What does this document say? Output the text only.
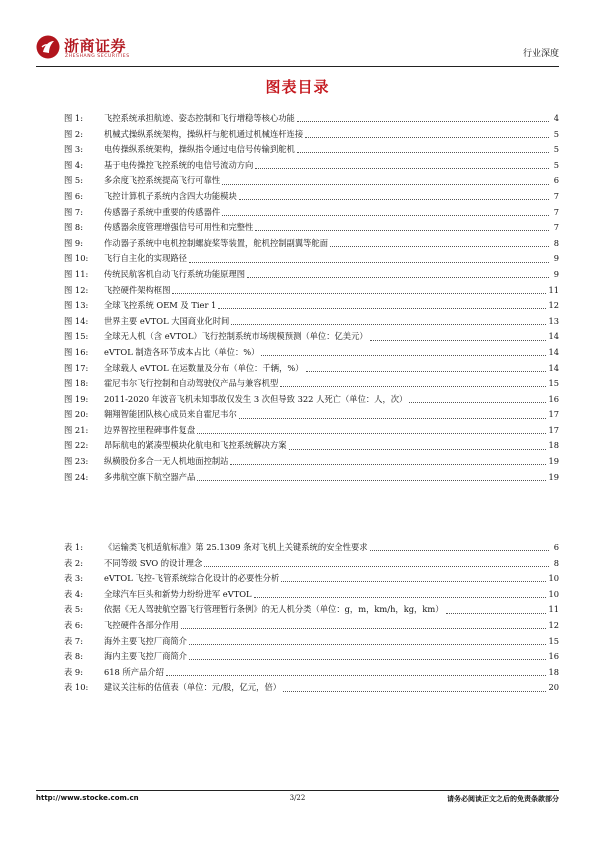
浙商证券
ZHESHANG SECURITIES	行业深度
图表目录
图 1:	飞控系统承担航迹、姿态控制和飞行增稳等核心功能	4
图 2:	机械式操纵系统架构，操纵杆与舵机通过机械连杆连接	5
图 3:	电传操纵系统架构，操纵指令通过电信号传输到舵机	5
图 4:	基于电传操控飞控系统的电信号流动方向	5
图 5:	多余度飞控系统提高飞行可靠性	6
图 6:	飞控计算机子系统内含四大功能模块	7
图 7:	传感器子系统中重要的传感器件	7
图 8:	传感器余度管理增强信号可用性和完整性	7
图 9:	作动器子系统中电机控制螺旋桨等装置，舵机控制副翼等舵面	8
图 10:	飞行自主化的实现路径	9
图 11:	传统民航客机自动飞行系统功能原理图	9
图 12:	飞控硬件架构框图	11
图 13:	全球飞控系统 OEM 及 Tier 1	12
图 14:	世界主要 eVTOL 大国商业化时间	13
图 15:	全球无人机（含 eVTOL）飞行控制系统市场规模预测（单位：亿美元）	14
图 16:	eVTOL 制造各环节成本占比（单位：%）	14
图 17:	全球载人 eVTOL 在运数量及分布（单位：千辆，%）	14
图 18:	霍尼韦尔飞行控制和自动驾驶仪产品与兼容机型	15
图 19:	2011-2020 年波音飞机未知事故仅发生 3 次但导致 322 人死亡（单位：人，次）	16
图 20:	翱翔智能团队核心成员来自霍尼韦尔	17
图 21:	边界智控里程碑事件复盘	17
图 22:	昂际航电的紧凑型模块化航电和飞控系统解决方案	18
图 23:	纵横股份多合一无人机地面控制站	19
图 24:	多弗航空旗下航空器产品	19
表 1:	《运输类飞机适航标准》第 25.1309 条对飞机上关键系统的安全性要求	6
表 2:	不同等级 SVO 的设计理念	8
表 3:	eVTOL 飞控-飞管系统综合化设计的必要性分析	10
表 4:	全球汽车巨头和新势力纷纷进军 eVTOL	10
表 5:	依据《无人驾驶航空器飞行管理暂行条例》的无人机分类（单位：g，m，km/h，kg，km）	11
表 6:	飞控硬件各部分作用	12
表 7:	海外主要飞控厂商简介	15
表 8:	海内主要飞控厂商简介	16
表 9:	618 所产品介绍	18
表 10:	建议关注标的估值表（单位：元/股，亿元，倍）	20
http://www.stocke.com.cn	3/22	请务必阅读正文之后的免责条款部分
